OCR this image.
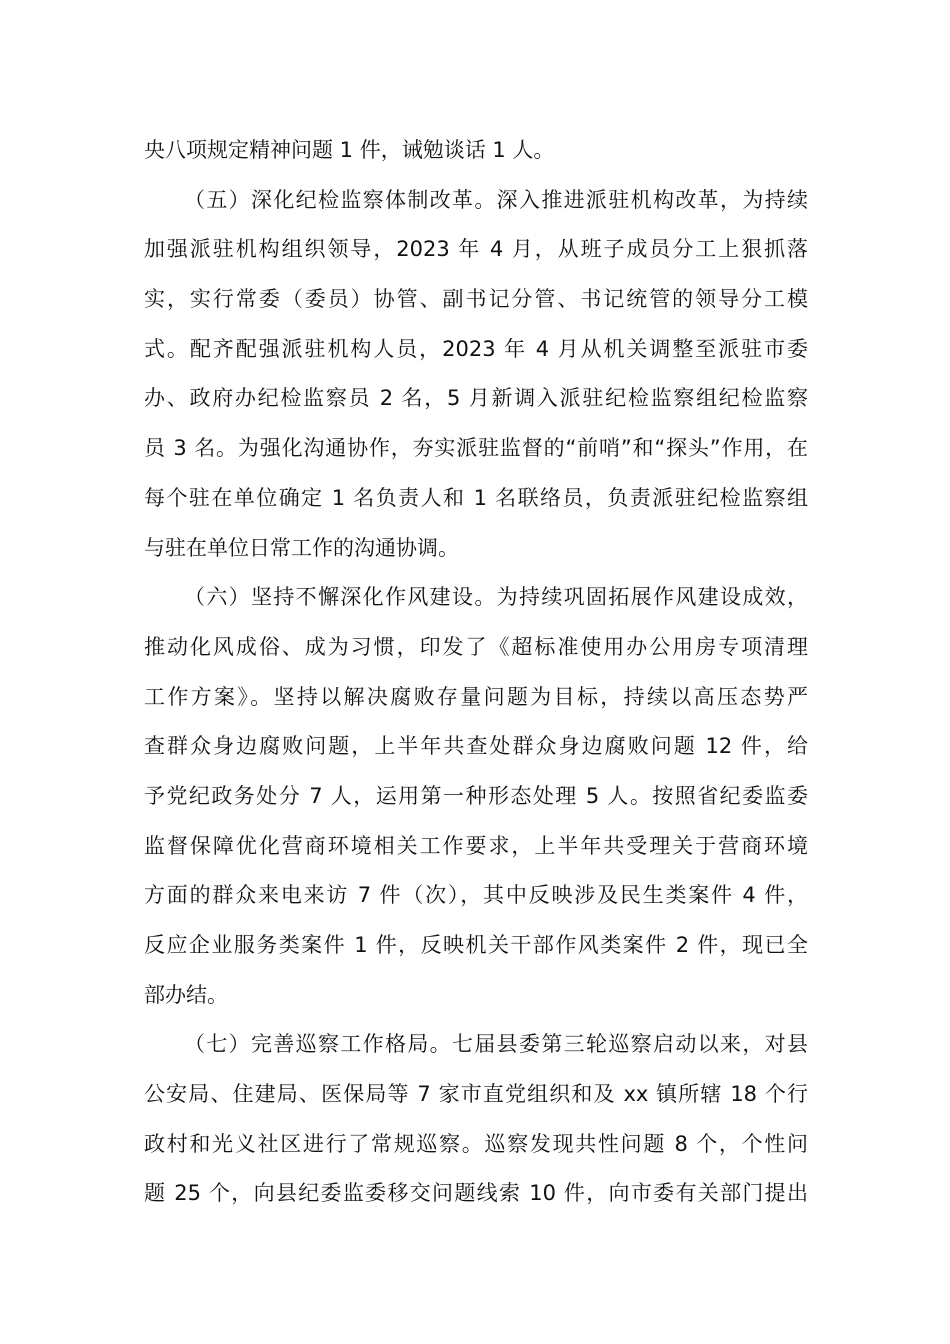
央八项规定精神问题 1 件，诫勉谈话 1 人。
（五）深化纪检监察体制改革。深入推进派驻机构改革，为持续
加强派驻机构组织领导，2023 年 4 月，从班子成员分工上狠抓落
实，实行常委（委员）协管、副书记分管、书记统管的领导分工模
式。配齐配强派驻机构人员，2023 年 4 月从机关调整至派驻市委
办、政府办纪检监察员 2 名，5 月新调入派驻纪检监察组纪检监察
员 3 名。为强化沟通协作，夯实派驻监督的“前哨”和“探头”作用，在
每个驻在单位确定 1 名负责人和 1 名联络员，负责派驻纪检监察组
与驻在单位日常工作的沟通协调。
（六）坚持不懈深化作风建设。为持续巩固拓展作风建设成效，
推动化风成俗、成为习惯，印发了《超标准使用办公用房专项清理
工作方案》。坚持以解决腐败存量问题为目标，持续以高压态势严
查群众身边腐败问题，上半年共查处群众身边腐败问题 12 件，给
予党纪政务处分 7 人，运用第一种形态处理 5 人。按照省纪委监委
监督保障优化营商环境相关工作要求，上半年共受理关于营商环境
方面的群众来电来访 7 件（次），其中反映涉及民生类案件 4 件，
反应企业服务类案件 1 件，反映机关干部作风类案件 2 件，现已全
部办结。
（七）完善巡察工作格局。七届县委第三轮巡察启动以来，对县
公安局、住建局、医保局等 7 家市直党组织和及 xx 镇所辖 18 个行
政村和光义社区进行了常规巡察。巡察发现共性问题 8 个，个性问
题 25 个，向县纪委监委移交问题线索 10 件，向市委有关部门提出
